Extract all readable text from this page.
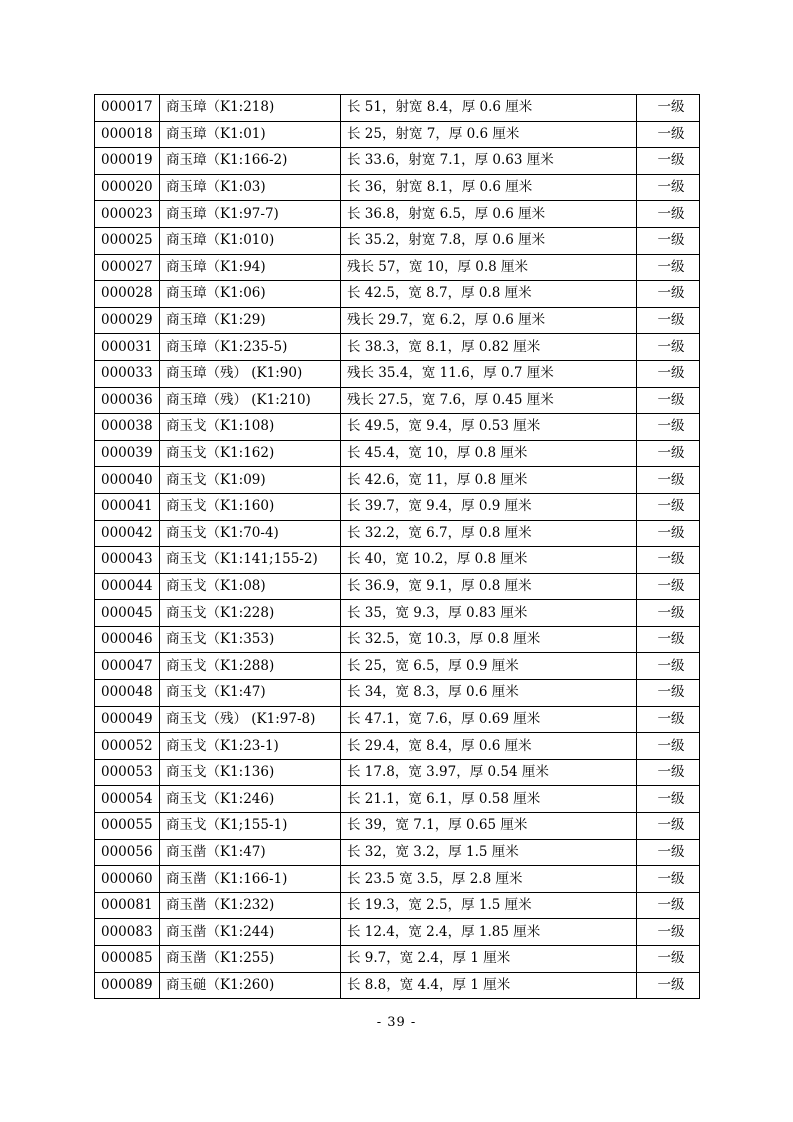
000017	商玉璋（K1:218)	长 51，射宽 8.4，厚 0.6 厘米	一级
000018	商玉璋（K1:01)	长 25，射宽 7，厚 0.6 厘米	一级
000019	商玉璋（K1:166-2)	长 33.6，射宽 7.1，厚 0.63 厘米	一级
000020	商玉璋（K1:03)	长 36，射宽 8.1，厚 0.6 厘米	一级
000023	商玉璋（K1:97-7)	长 36.8，射宽 6.5，厚 0.6 厘米	一级
000025	商玉璋（K1:010)	长 35.2，射宽 7.8，厚 0.6 厘米	一级
000027	商玉璋（K1:94)	残长 57，宽 10，厚 0.8 厘米	一级
000028	商玉璋（K1:06)	长 42.5，宽 8.7，厚 0.8 厘米	一级
000029	商玉璋（K1:29)	残长 29.7，宽 6.2，厚 0.6 厘米	一级
000031	商玉璋（K1:235-5)	长 38.3，宽 8.1，厚 0.82 厘米	一级
000033	商玉璋（残） (K1:90)	残长 35.4，宽 11.6，厚 0.7 厘米	一级
000036	商玉璋（残） (K1:210)	残长 27.5，宽 7.6，厚 0.45 厘米	一级
000038	商玉戈（K1:108)	长 49.5，宽 9.4，厚 0.53 厘米	一级
000039	商玉戈（K1:162)	长 45.4，宽 10，厚 0.8 厘米	一级
000040	商玉戈（K1:09)	长 42.6，宽 11，厚 0.8 厘米	一级
000041	商玉戈（K1:160)	长 39.7，宽 9.4，厚 0.9 厘米	一级
000042	商玉戈（K1:70-4)	长 32.2，宽 6.7，厚 0.8 厘米	一级
000043	商玉戈（K1:141;155-2)	长 40，宽 10.2，厚 0.8 厘米	一级
000044	商玉戈（K1:08)	长 36.9，宽 9.1，厚 0.8 厘米	一级
000045	商玉戈（K1:228)	长 35，宽 9.3，厚 0.83 厘米	一级
000046	商玉戈（K1:353)	长 32.5，宽 10.3，厚 0.8 厘米	一级
000047	商玉戈（K1:288)	长 25，宽 6.5，厚 0.9 厘米	一级
000048	商玉戈（K1:47)	长 34，宽 8.3，厚 0.6 厘米	一级
000049	商玉戈（残） (K1:97-8)	长 47.1，宽 7.6，厚 0.69 厘米	一级
000052	商玉戈（K1:23-1)	长 29.4，宽 8.4，厚 0.6 厘米	一级
000053	商玉戈（K1:136)	长 17.8，宽 3.97，厚 0.54 厘米	一级
000054	商玉戈（K1:246)	长 21.1，宽 6.1，厚 0.58 厘米	一级
000055	商玉戈（K1;155-1)	长 39，宽 7.1，厚 0.65 厘米	一级
000056	商玉凿（K1:47)	长 32，宽 3.2，厚 1.5 厘米	一级
000060	商玉凿（K1:166-1)	长 23.5 宽 3.5，厚 2.8 厘米	一级
000081	商玉凿（K1:232)	长 19.3，宽 2.5，厚 1.5 厘米	一级
000083	商玉凿（K1:244)	长 12.4，宽 2.4，厚 1.85 厘米	一级
000085	商玉凿（K1:255)	长 9.7，宽 2.4，厚 1 厘米	一级
000089	商玉磓（K1:260)	长 8.8，宽 4.4，厚 1 厘米	一级
- 39 -
